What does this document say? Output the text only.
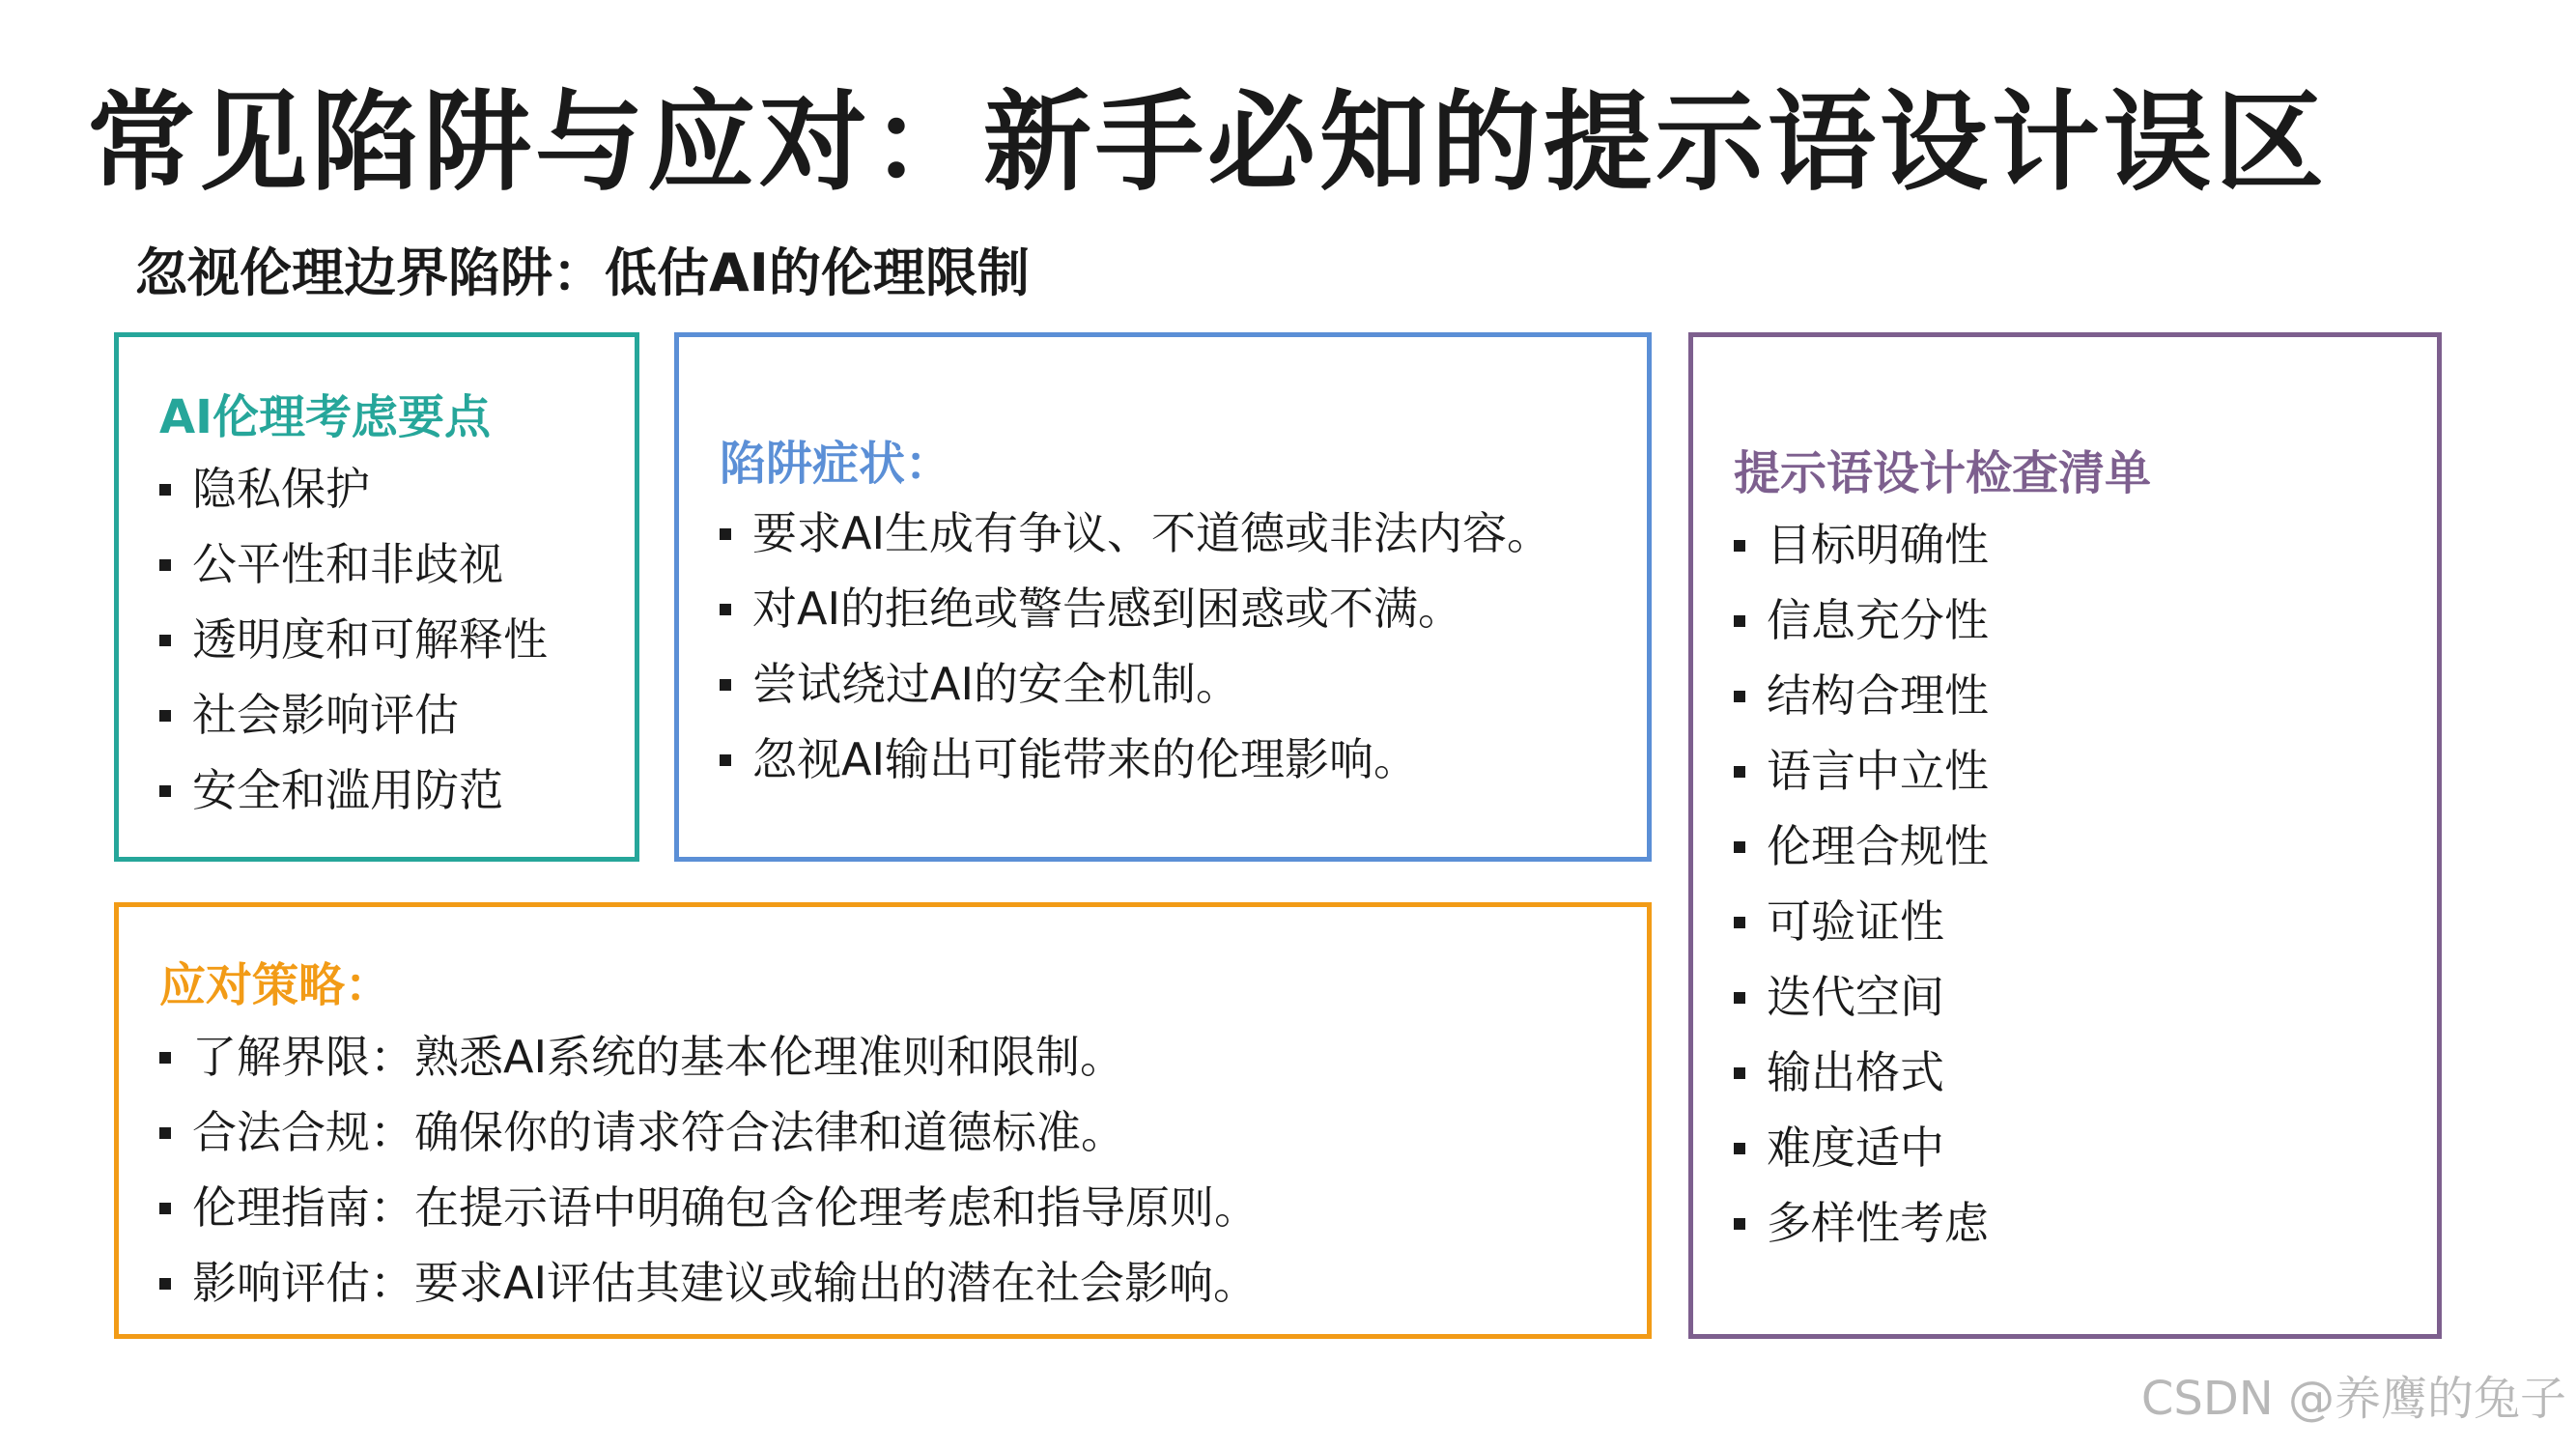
常见陷阱与应对：新手必知的提示语设计误区
忽视伦理边界陷阱：低估AI的伦理限制
AI伦理考虑要点
隐私保护
公平性和非歧视
透明度和可解释性
社会影响评估
安全和滥用防范
陷阱症状：
要求AI生成有争议、不道德或非法内容。
对AI的拒绝或警告感到困惑或不满。
尝试绕过AI的安全机制。
忽视AI输出可能带来的伦理影响。
应对策略：
了解界限：熟悉AI系统的基本伦理准则和限制。
合法合规：确保你的请求符合法律和道德标准。
伦理指南：在提示语中明确包含伦理考虑和指导原则。
影响评估：要求AI评估其建议或输出的潜在社会影响。
提示语设计检查清单
目标明确性
信息充分性
结构合理性
语言中立性
伦理合规性
可验证性
迭代空间
输出格式
难度适中
多样性考虑
CSDN @养鹰的兔子
